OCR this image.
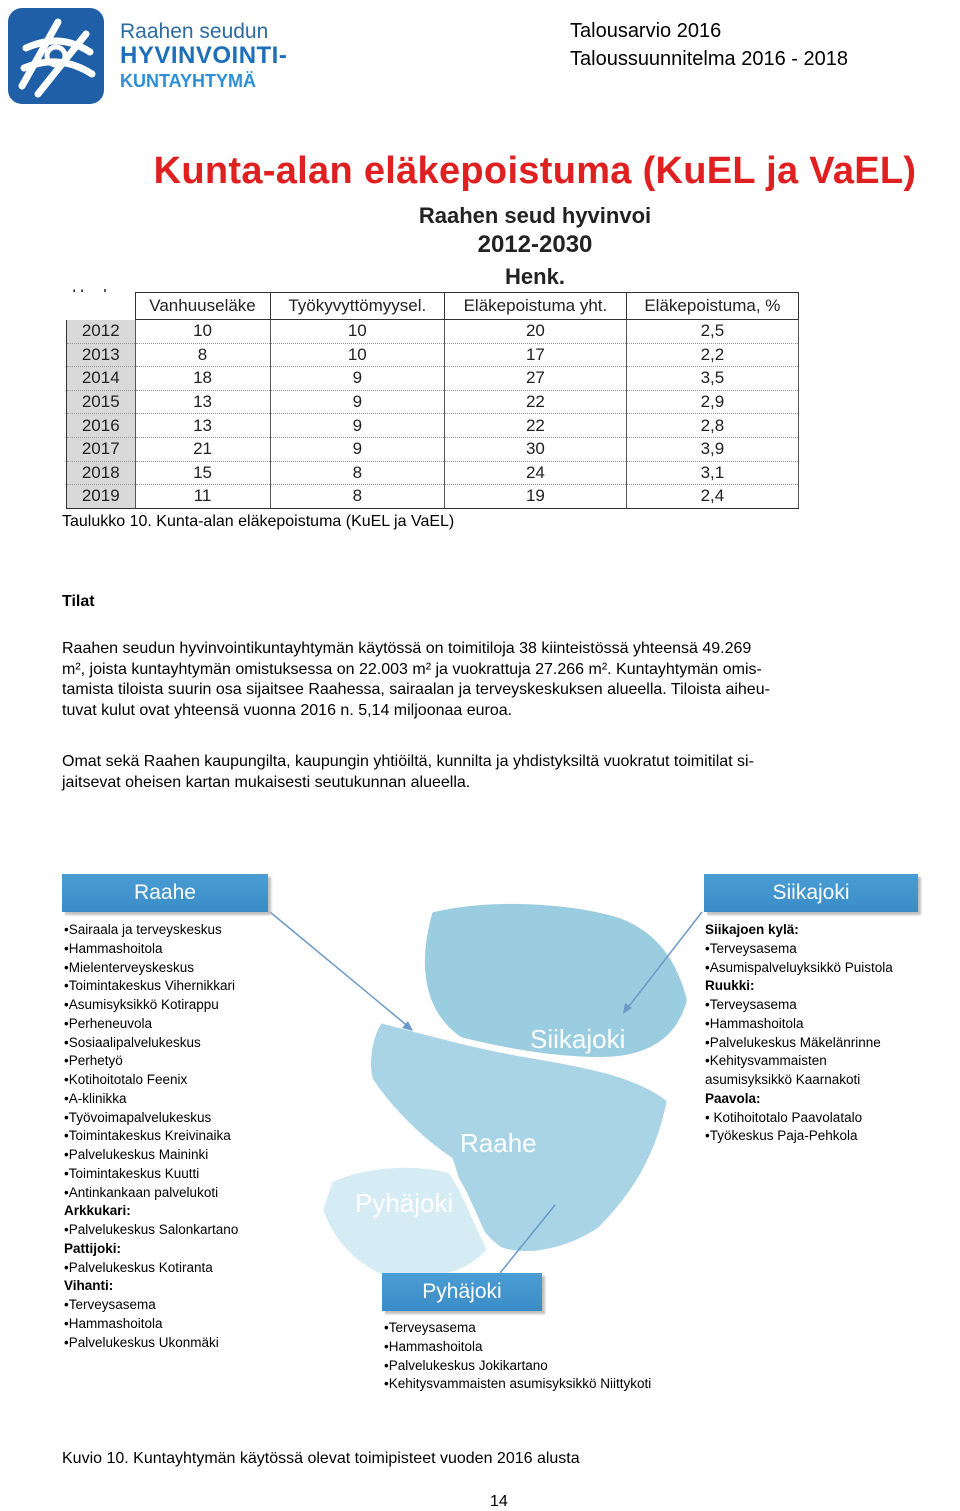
Raahen seudun
HYVINVOINTI-
KUNTAYHTYMÄ
Talousarvio 2016
Taloussuunnitelma 2016 - 2018
Kunta-alan eläkepoistuma (KuEL ja VaEL)
Raahen seud hyvinvoi
2012-2030
Henk.
	Vanhuuseläke	Työkyvyttömyysel.	Eläkepoistuma yht.	Eläkepoistuma, %
2012	10	10	20	2,5
2013	8	10	17	2,2
2014	18	9	27	3,5
2015	13	9	22	2,9
2016	13	9	22	2,8
2017	21	9	30	3,9
2018	15	8	24	3,1
2019	11	8	19	2,4
Taulukko 10. Kunta-alan eläkepoistuma (KuEL ja VaEL)
Tilat
Raahen seudun hyvinvointikuntayhtymän käytössä on toimitiloja 38 kiinteistössä yhteensä 49.269
m², joista kuntayhtymän omistuksessa on 22.003 m² ja vuokrattuja 27.266 m². Kuntayhtymän omis-
tamista tiloista suurin osa sijaitsee Raahessa, sairaalan ja terveyskeskuksen alueella. Tiloista aiheu-
tuvat kulut ovat yhteensä vuonna 2016 n. 5,14 miljoonaa euroa.
Omat sekä Raahen kaupungilta, kaupungin yhtiöiltä, kunnilta ja yhdistyksiltä vuokratut toimitilat si-
jaitsevat oheisen kartan mukaisesti seutukunnan alueella.
Siikajoki
Raahe
Pyhäjoki
Raahe
•Sairaala ja terveyskeskus
•Hammashoitola
•Mielenterveyskeskus
•Toimintakeskus Vihernikkari
•Asumisyksikkö Kotirappu
•Perheneuvola
•Sosiaalipalvelukeskus
•Perhetyö
•Kotihoitotalo Feenix
•A-klinikka
•Työvoimapalvelukeskus
•Toimintakeskus Kreivinaika
•Palvelukeskus Maininki
•Toimintakeskus Kuutti
•Antinkankaan palvelukoti
Arkkukari:
•Palvelukeskus Salonkartano
Pattijoki:
•Palvelukeskus Kotiranta
Vihanti:
•Terveysasema
•Hammashoitola
•Palvelukeskus Ukonmäki
Siikajoki
Siikajoen kylä:
•Terveysasema
•Asumispalveluyksikkö Puistola
Ruukki:
•Terveysasema
•Hammashoitola
•Palvelukeskus Mäkelänrinne
•Kehitysvammaisten
asumisyksikkö Kaarnakoti
Paavola:
• Kotihoitotalo Paavolatalo
•Työkeskus Paja-Pehkola
Pyhäjoki
•Terveysasema
•Hammashoitola
•Palvelukeskus Jokikartano
•Kehitysvammaisten asumisyksikkö Niittykoti
Kuvio 10. Kuntayhtymän käytössä olevat toimipisteet vuoden 2016 alusta
14
